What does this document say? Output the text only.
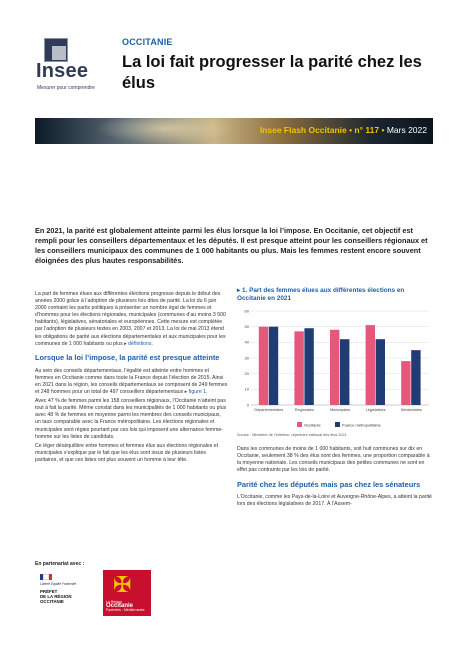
Insee
Mesurer pour comprendre
OCCITANIE
La loi fait progresser la parité chez les élus
Insee Flash Occitanie • n° 117 • Mars 2022
En 2021, la parité est globalement atteinte parmi les élus lorsque la loi l’impose. En Occitanie, cet objectif est rempli pour les conseillers départementaux et les députés. Il est presque atteint pour les conseillers régionaux et les conseillers municipaux des communes de 1 000 habitants ou plus. Mais les femmes restent encore souvent éloignées des plus hautes responsabilités.

La part de femmes élues aux différentes élections progresse depuis le début des années 2000 grâce à l’adoption de plusieurs lois dites de parité. La loi du 6 juin 2000 contraint les partis politiques à présenter un nombre égal de femmes et d’hommes pour les élections régionales, municipales (communes d’au moins 3 500 habitants), législatives, sénatoriales et européennes. Cette mesure est complétée par l’adoption de plusieurs textes en 2003, 2007 et 2013. La loi de mai 2013 étend les obligations de parité aux élections départementales et aux municipales pour les communes de 1 000 habitants ou plus ▸ définitions.

Lorsque la loi l’impose, la parité est presque atteinte

Au sein des conseils départementaux, l’égalité est atteinte entre hommes et femmes en Occitanie comme dans toute la France depuis l’élection de 2015. Ainsi en 2021 dans la région, les conseils départementaux se composent de 249 femmes et 248 hommes pour un total de 497 conseillers départementaux ▸ figure 1.

Avec 47 % de femmes parmi les 158 conseillers régionaux, l’Occitanie n’atteint pas tout à fait la parité. Même constat dans les municipalités de 1 000 habitants ou plus avec 48 % de femmes en moyenne parmi les membres des conseils municipaux, un taux comparable avec la France métropolitaine. Les élections régionales et municipales sont régies pourtant par ces lois qui imposent une alternance femme-homme sur les listes de candidats.

Ce léger déséquilibre entre hommes et femmes élus aux élections régionales et municipales s’explique par le fait que les élus sont issus de plusieurs listes paritaires, et que ces listes ont plus souvent un homme à leur tête.

▸ 1. Part des femmes élues aux différentes élections en Occitanie en 2021
0
10
20
30
40
50
60
Départementales	Régionales	Municipales	Législatives	Sénatoriales
Occitanie	France métropolitaine
Source : Ministère de l’Intérieur, répertoire national des élus 2021

Dans les communes de moins de 1 000 habitants, soit huit communes sur dix en Occitanie, seulement 38 % des élus sont des femmes, une proportion comparable à la moyenne nationale. Les conseils municipaux des petites communes ne sont en effet pas contraints par les lois de parité.

Parité chez les députés mais pas chez les sénateurs

L’Occitanie, comme les Pays-de-la-Loire et Auvergne-Rhône-Alpes, a atteint la parité lors des élections législatives de 2017. À l’Assem-

En partenariat avec :
Liberté Égalité Fraternité
PRÉFET
DE LA RÉGION
OCCITANIE
✠
La Région
Occitanie
Pyrénées - Méditerranée
